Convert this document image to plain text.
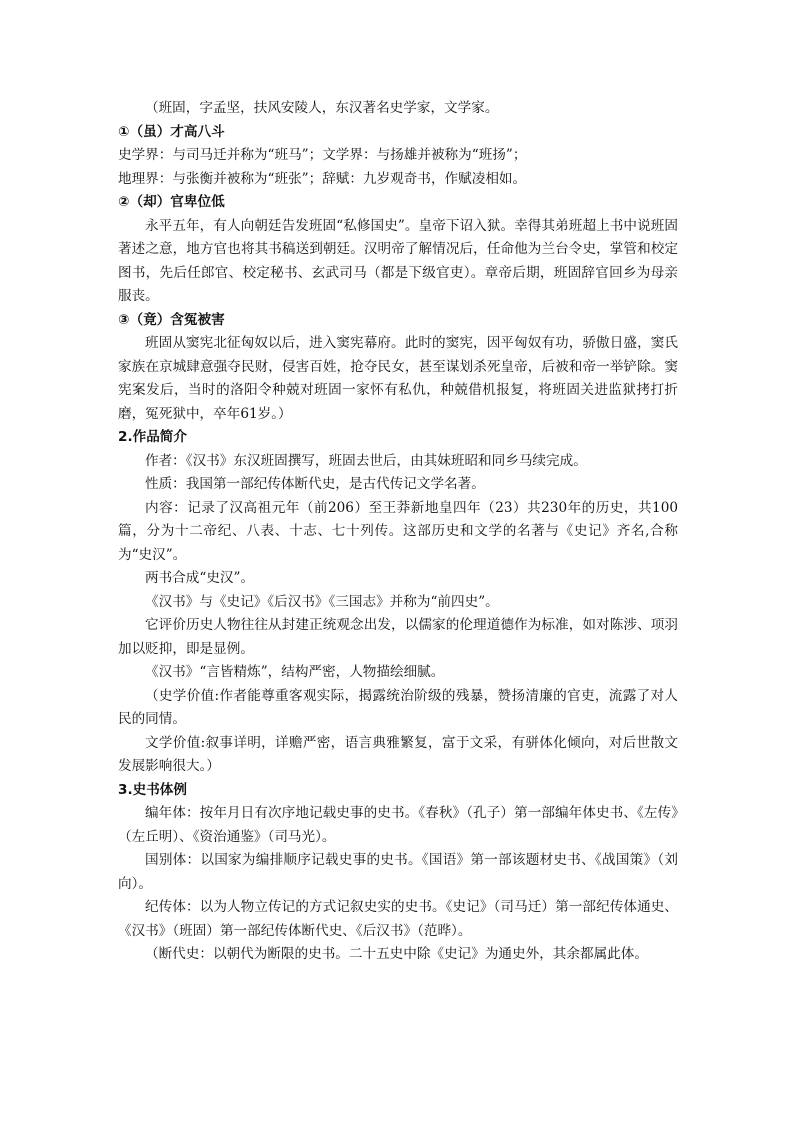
（班固，字孟坚，扶风安陵人，东汉著名史学家，文学家。

①（虽）才高八斗

史学界：与司马迁并称为“班马”；文学界：与扬雄并被称为“班扬”；

地理界：与张衡并被称为“班张”；辞赋：九岁观奇书，作赋凌相如。

②（却）官卑位低

永平五年，有人向朝廷告发班固“私修国史”。皇帝下诏入狱。幸得其弟班超上书中说班固著述之意，地方官也将其书稿送到朝廷。汉明帝了解情况后，任命他为兰台令史，掌管和校定图书，先后任郎官、校定秘书、玄武司马（都是下级官吏）。章帝后期，班固辞官回乡为母亲服丧。

③（竟）含冤被害

班固从窦宪北征匈奴以后，进入窦宪幕府。此时的窦宪，因平匈奴有功，骄傲日盛，窦氏家族在京城肆意强夺民财，侵害百姓，抢夺民女，甚至谋划杀死皇帝，后被和帝一举铲除。窦宪案发后，当时的洛阳令种兢对班固一家怀有私仇，种兢借机报复，将班固关进监狱拷打折磨，冤死狱中，卒年61岁。）

2.作品简介

作者：《汉书》东汉班固撰写，班固去世后，由其妹班昭和同乡马续完成。

性质：我国第一部纪传体断代史，是古代传记文学名著。

内容：记录了汉高祖元年（前206）至王莽新地皇四年（23）共230年的历史，共100篇，分为十二帝纪、八表、十志、七十列传。这部历史和文学的名著与《史记》齐名,合称为“史汉”。

两书合成“史汉”。

《汉书》与《史记》《后汉书》《三国志》并称为“前四史”。

它评价历史人物往往从封建正统观念出发，以儒家的伦理道德作为标准，如对陈涉、项羽加以贬抑，即是显例。

《汉书》“言皆精炼”，结构严密，人物描绘细腻。

（史学价值:作者能尊重客观实际，揭露统治阶级的残暴，赞扬清廉的官吏，流露了对人民的同情。

文学价值:叙事详明，详赡严密，语言典雅繁复，富于文采，有骈体化倾向，对后世散文发展影响很大。）

3.史书体例

编年体：按年月日有次序地记载史事的史书。《春秋》（孔子）第一部编年体史书、《左传》（左丘明）、《资治通鉴》（司马光）。

国别体：以国家为编排顺序记载史事的史书。《国语》第一部该题材史书、《战国策》（刘向）。

纪传体：以为人物立传记的方式记叙史实的史书。《史记》（司马迁）第一部纪传体通史、《汉书》（班固）第一部纪传体断代史、《后汉书》（范晔）。

（断代史：以朝代为断限的史书。二十五史中除《史记》为通史外，其余都属此体。
